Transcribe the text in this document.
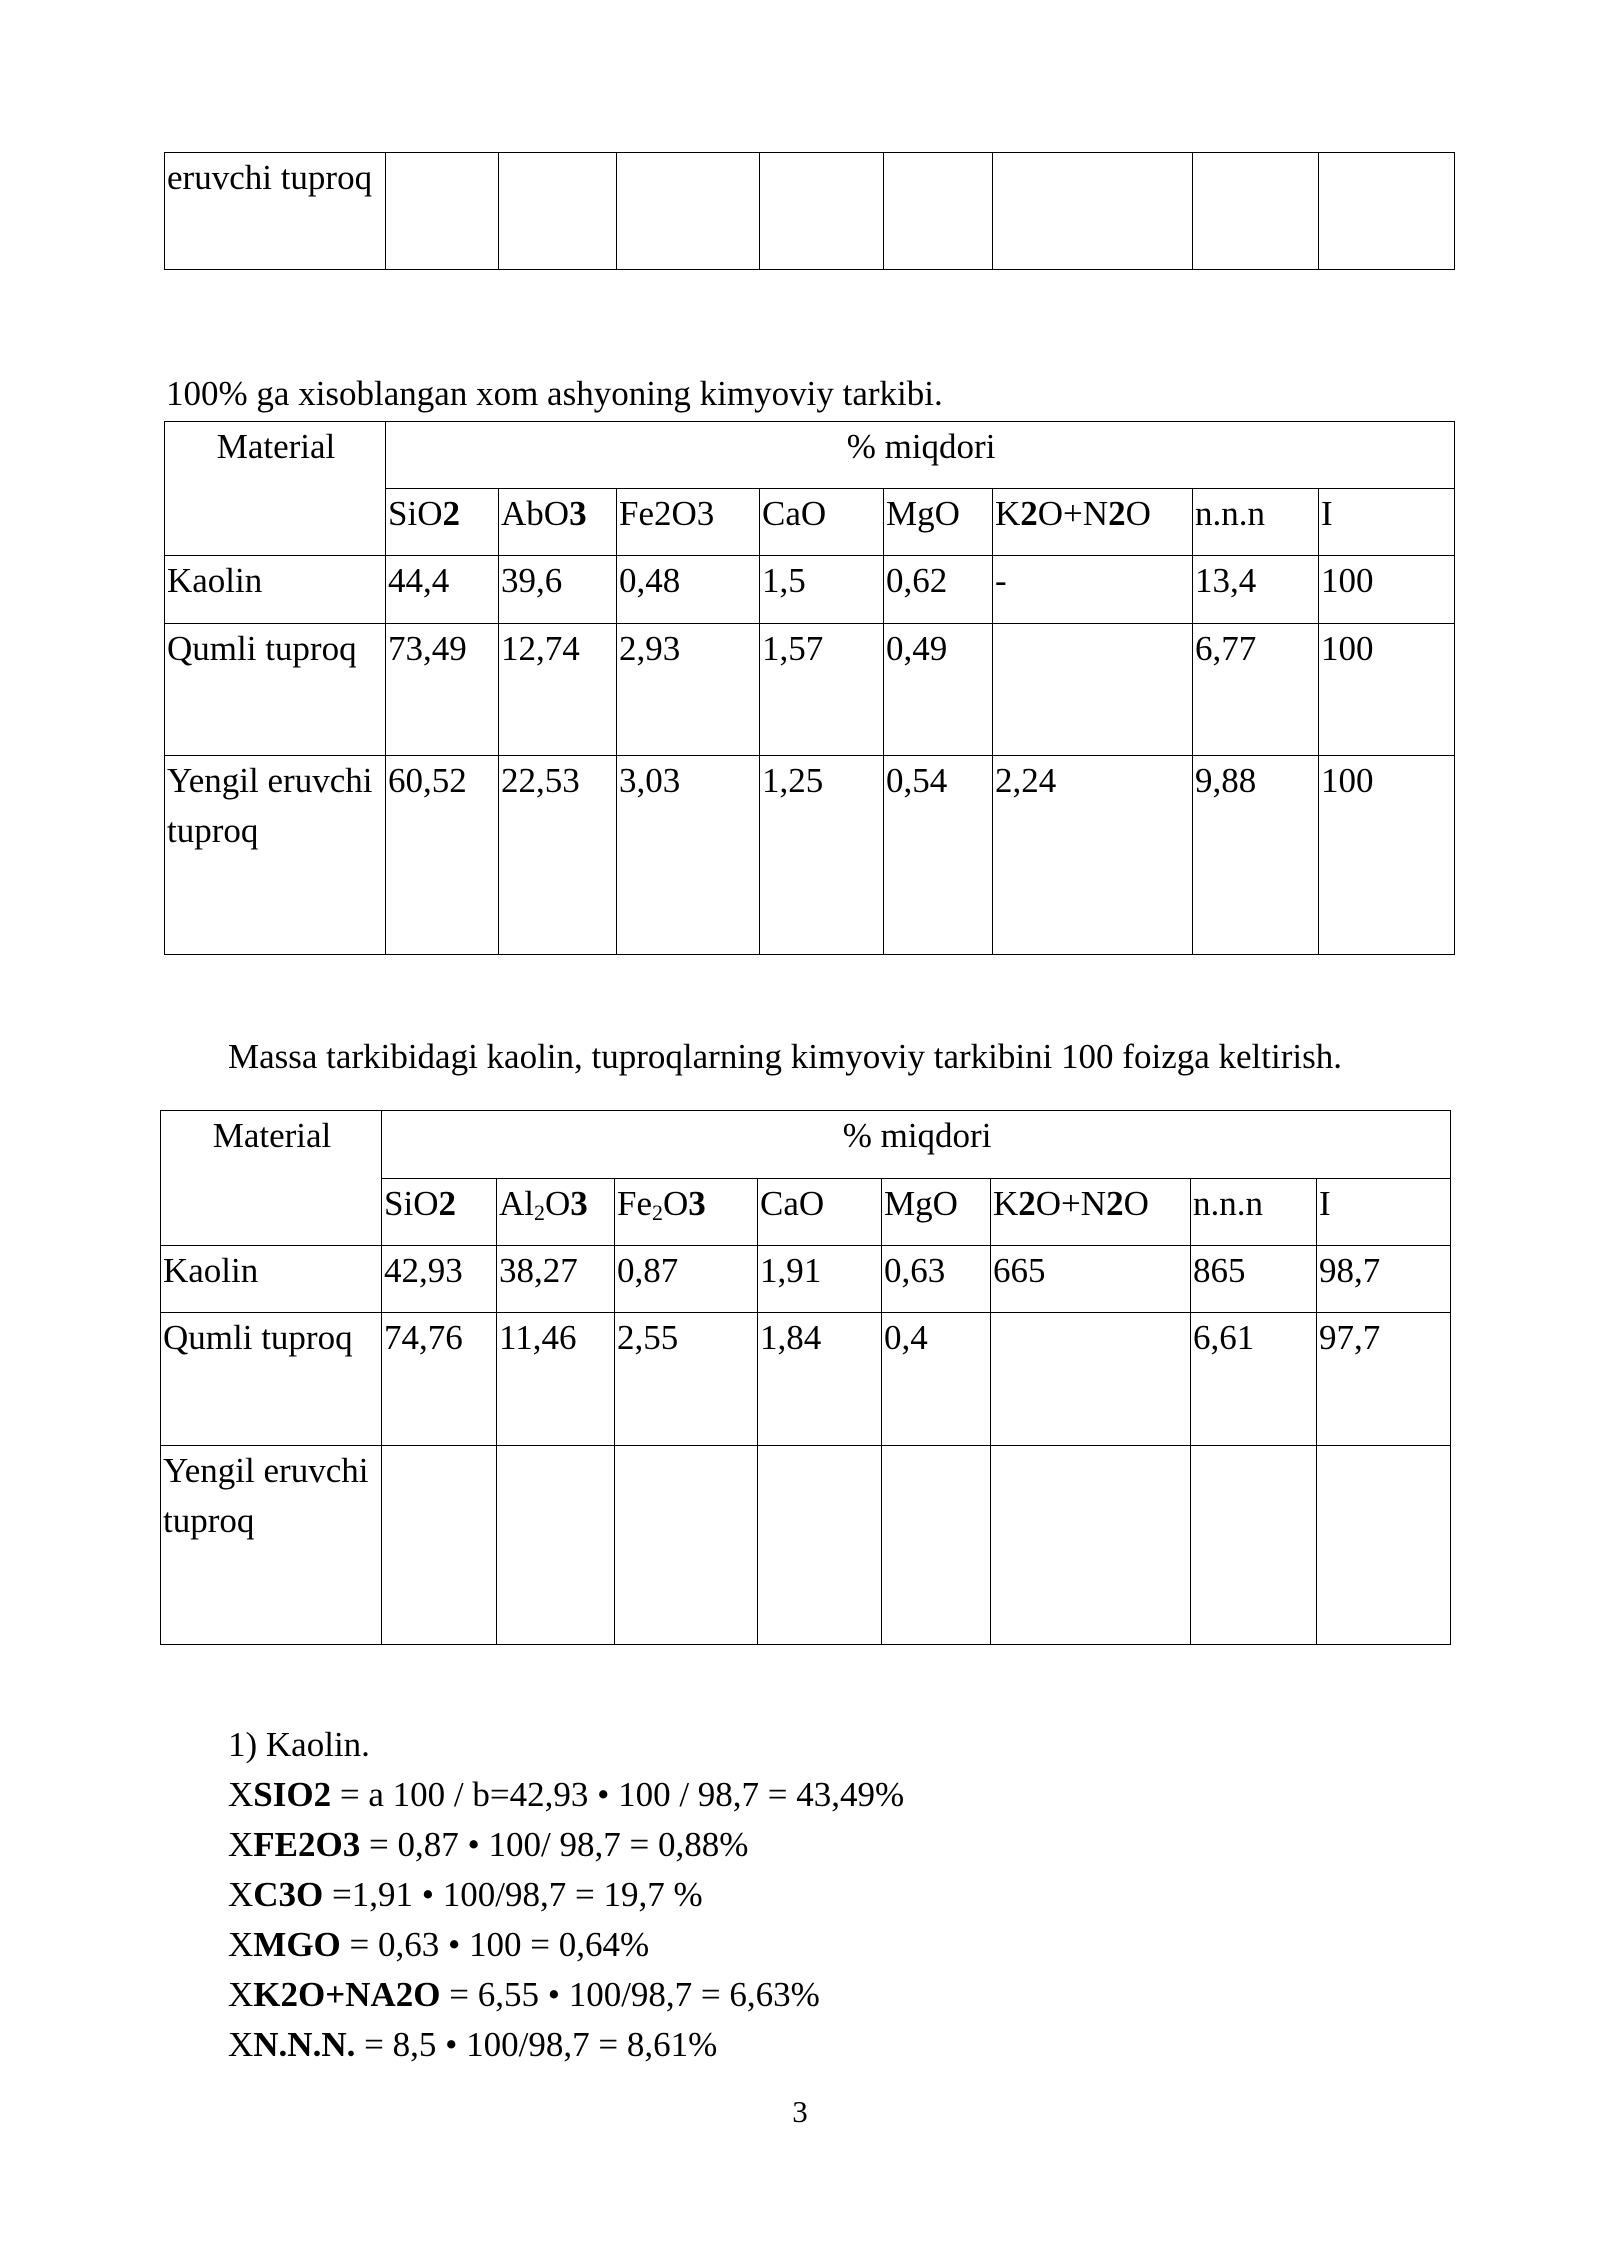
eruvchi tuproq								
100% ga xisoblangan xom ashyoning kimyoviy tarkibi.
Material	% miqdori							
	SiO2	AbO3	Fe2O3	CaO	MgO	K2O+N2O	n.n.n	I
Kaolin	44,4	39,6	0,48	1,5	0,62	-	13,4	100
Qumli tuproq	73,49	12,74	2,93	1,57	0,49		6,77	100
Yengil eruvchi tuproq	60,52	22,53	3,03	1,25	0,54	2,24	9,88	100
Massa tarkibidagi kaolin, tuproqlarning kimyoviy tarkibini 100 foizga keltirish.
Material	% miqdori							
	SiO2	$Al_2O3$	$Fe_2O3$	CaO	MgO	K2O+N2O	n.n.n	I
Kaolin	42,93	38,27	0,87	1,91	0,63	665	865	98,7
Qumli tuproq	74,76	11,46	2,55	1,84	0,4		6,61	97,7
Yengil eruvchi tuproq								
1) Kaolin.
XSIO2 = a 100 / b=42,93 • 100 / 98,7 = 43,49%
XFE2O3 = 0,87 • 100/ 98,7 = 0,88%
XC3O =1,91 • 100/98,7 = 19,7 %
XMGO = 0,63 • 100 = 0,64%
XK2O+NA2O = 6,55 • 100/98,7 = 6,63%
XN.N.N. = 8,5 • 100/98,7 = 8,61%
3
